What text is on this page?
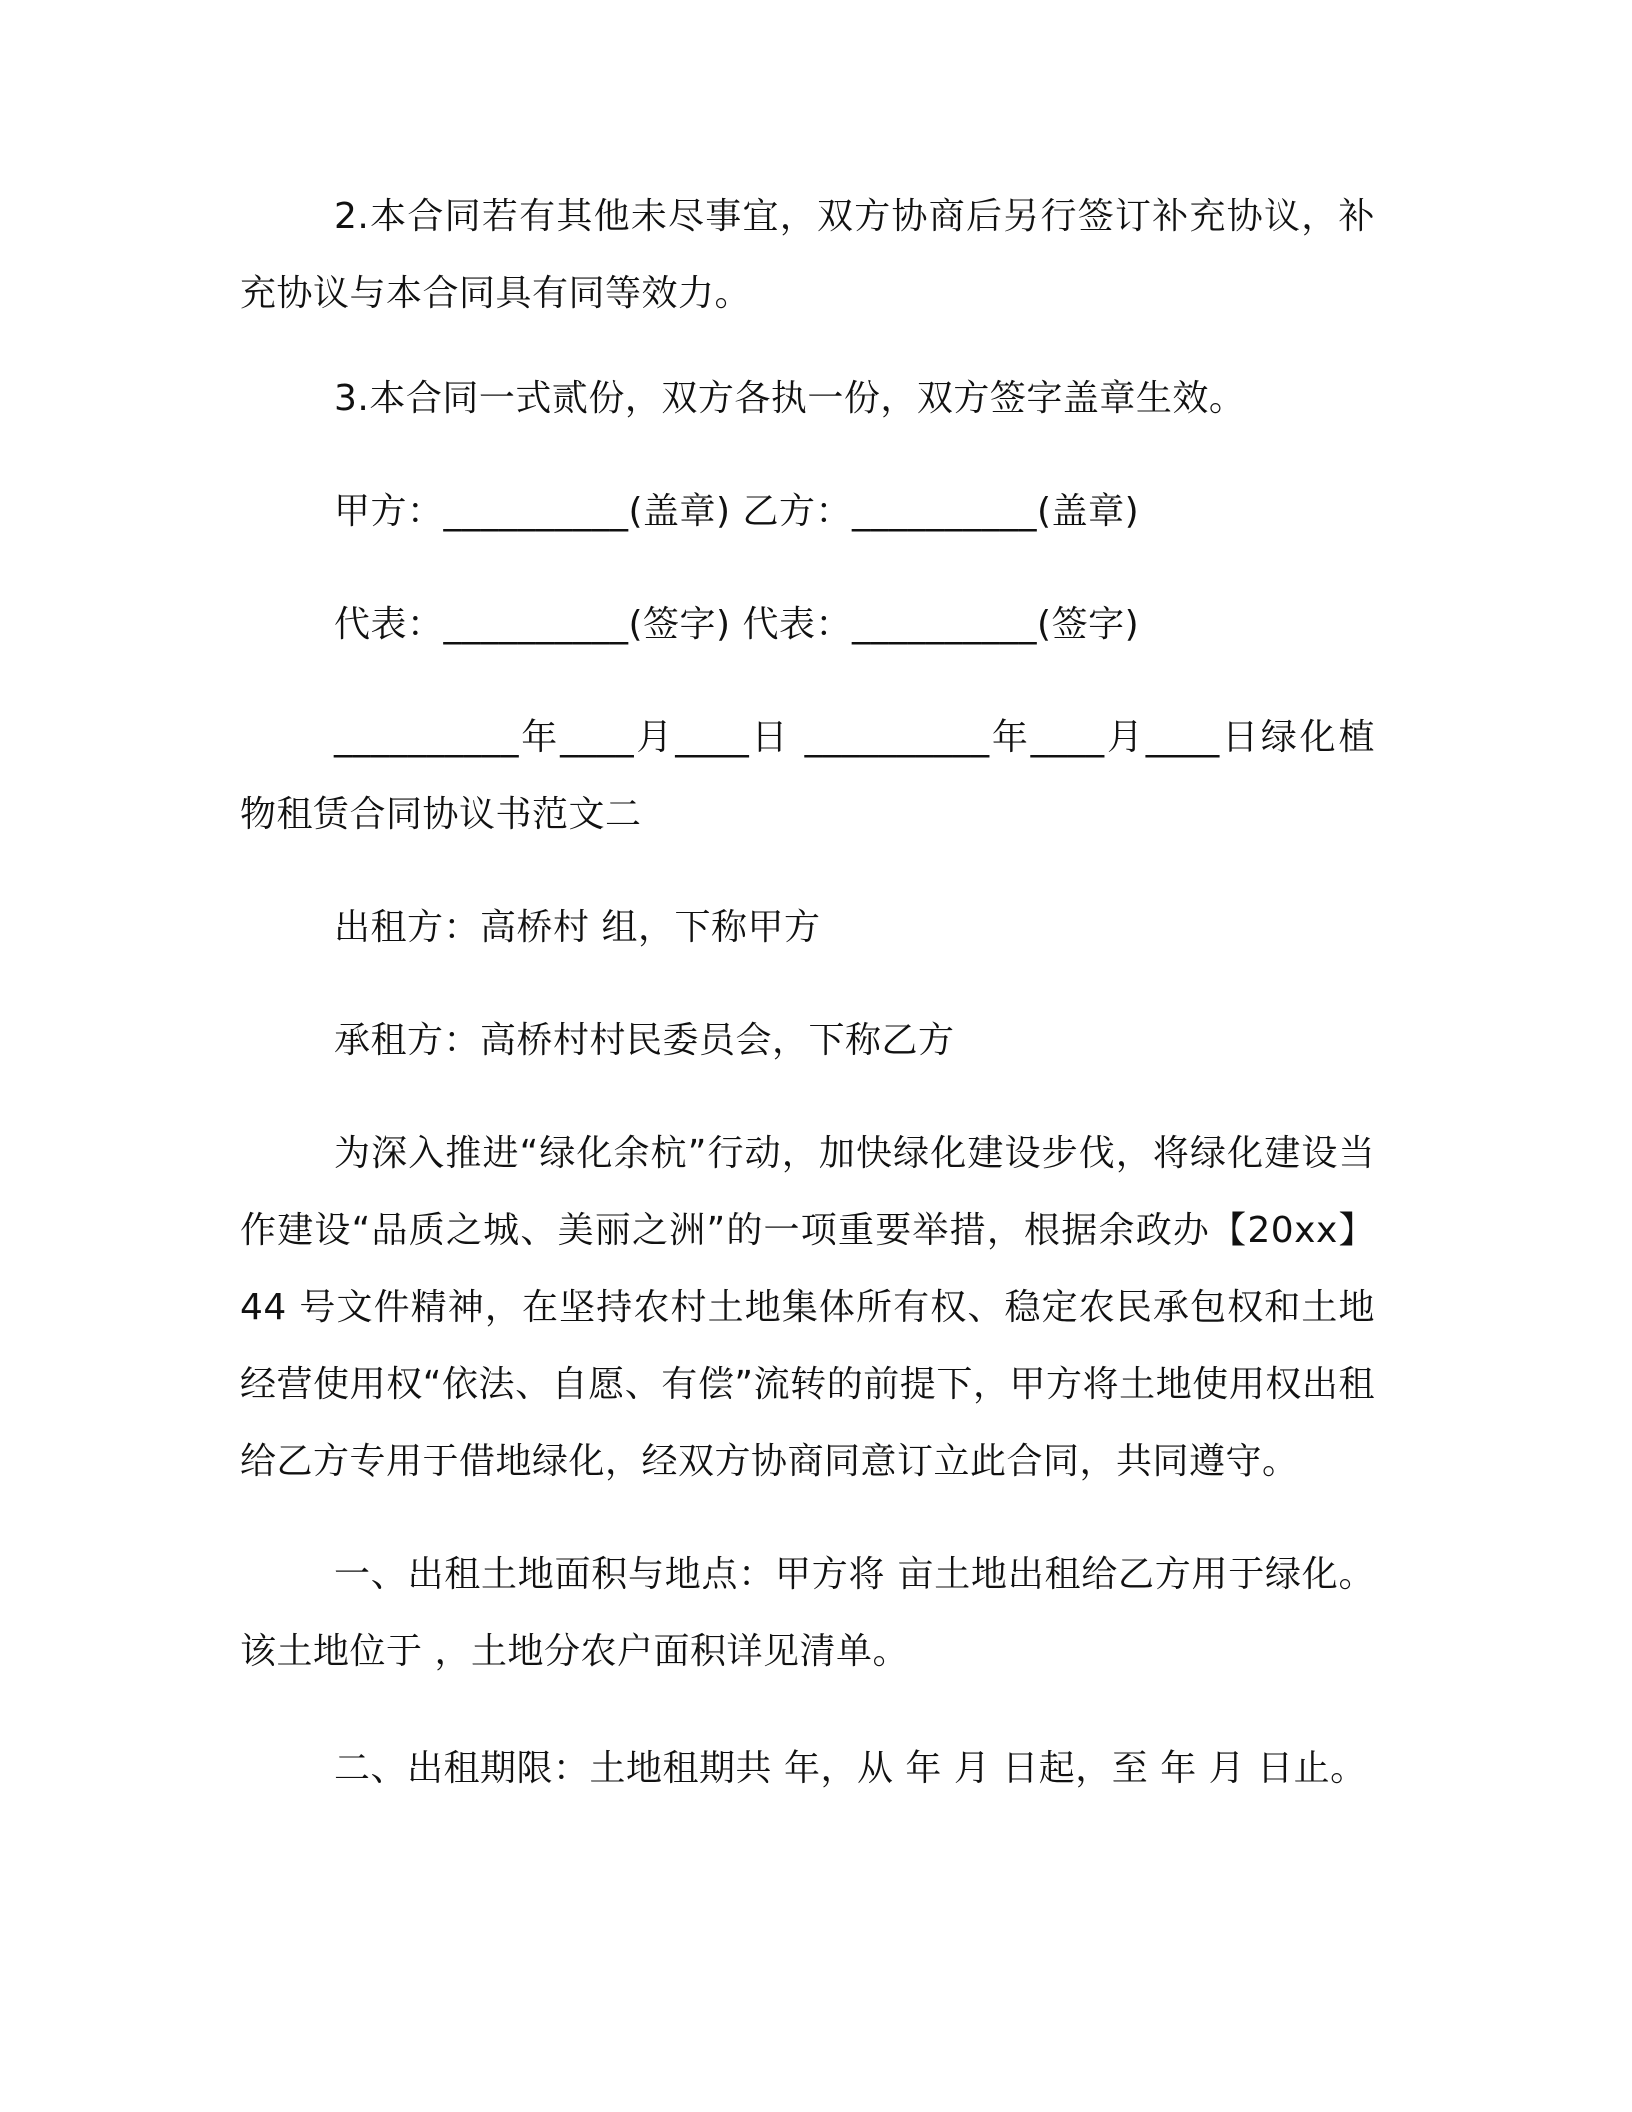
2.本合同若有其他未尽事宜，双方协商后另行签订补充协议，补充协议与本合同具有同等效力。

3.本合同一式贰份，双方各执一份，双方签字盖章生效。

甲方：__________(盖章) 乙方：__________(盖章)

代表：__________(签字) 代表：__________(签字)

__________年____月____日 __________年____月____日绿化植物租赁合同协议书范文二

出租方：高桥村 组，下称甲方

承租方：高桥村村民委员会，下称乙方

为深入推进“绿化余杭”行动，加快绿化建设步伐，将绿化建设当作建设“品质之城、美丽之洲”的一项重要举措，根据余政办【20xx】44 号文件精神，在坚持农村土地集体所有权、稳定农民承包权和土地经营使用权“依法、自愿、有偿”流转的前提下，甲方将土地使用权出租给乙方专用于借地绿化，经双方协商同意订立此合同，共同遵守。

一、出租土地面积与地点：甲方将 亩土地出租给乙方用于绿化。该土地位于 ，土地分农户面积详见清单。

二、出租期限：土地租期共 年，从 年 月 日起，至 年 月 日止。
